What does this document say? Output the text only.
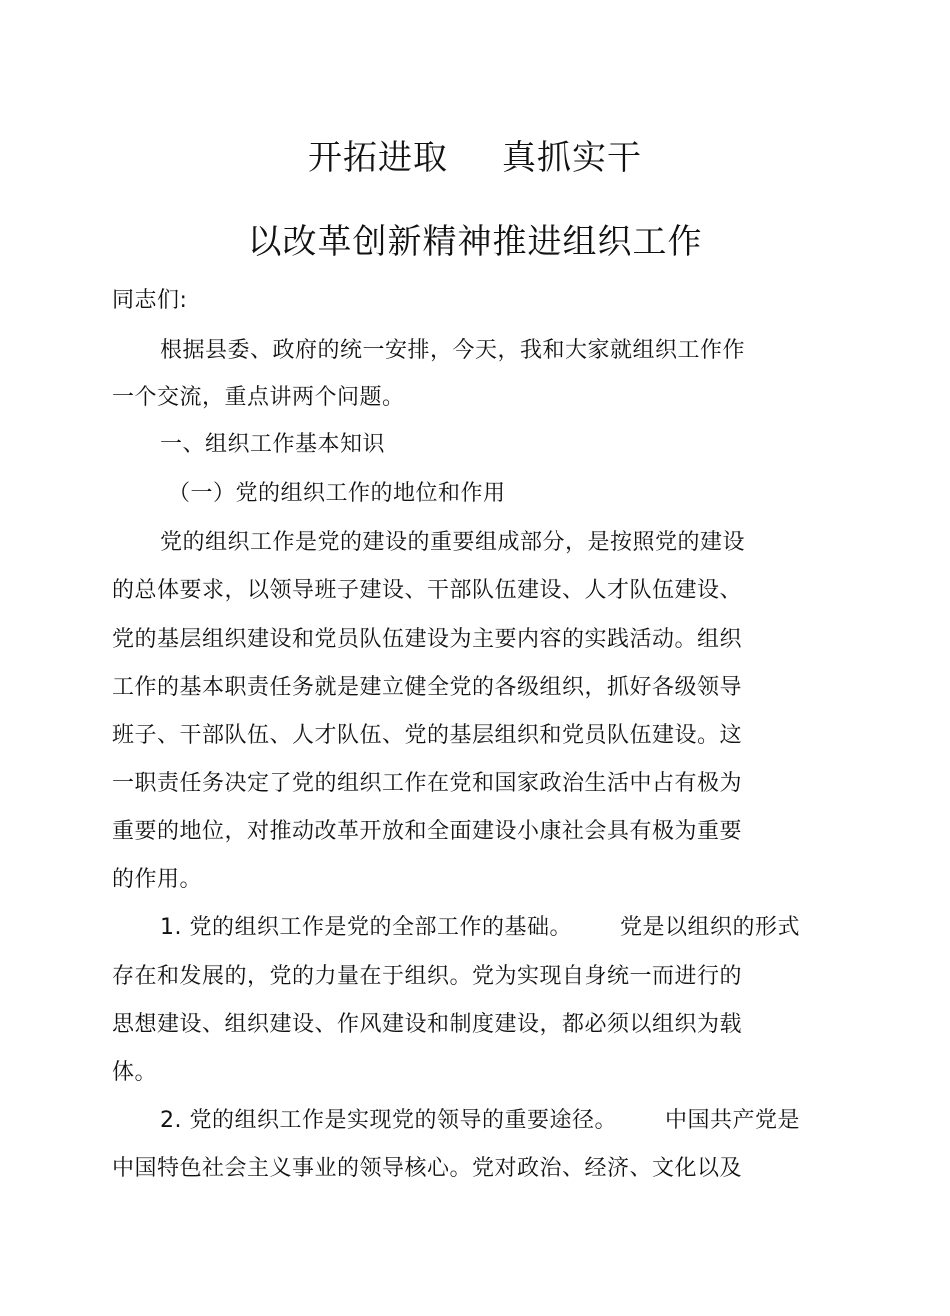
开拓进取 真抓实干
以改革创新精神推进组织工作
同志们:
根据县委、政府的统一安排，今天，我和大家就组织工作作
一个交流，重点讲两个问题。
一、组织工作基本知识
（一）党的组织工作的地位和作用
党的组织工作是党的建设的重要组成部分，是按照党的建设
的总体要求，以领导班子建设、干部队伍建设、人才队伍建设、
党的基层组织建设和党员队伍建设为主要内容的实践活动。组织
工作的基本职责任务就是建立健全党的各级组织，抓好各级领导
班子、干部队伍、人才队伍、党的基层组织和党员队伍建设。这
一职责任务决定了党的组织工作在党和国家政治生活中占有极为
重要的地位，对推动改革开放和全面建设小康社会具有极为重要
的作用。
1. 党的组织工作是党的全部工作的基础。 党是以组织的形式
存在和发展的，党的力量在于组织。党为实现自身统一而进行的
思想建设、组织建设、作风建设和制度建设，都必须以组织为载
体。
2. 党的组织工作是实现党的领导的重要途径。 中国共产党是
中国特色社会主义事业的领导核心。党对政治、经济、文化以及
